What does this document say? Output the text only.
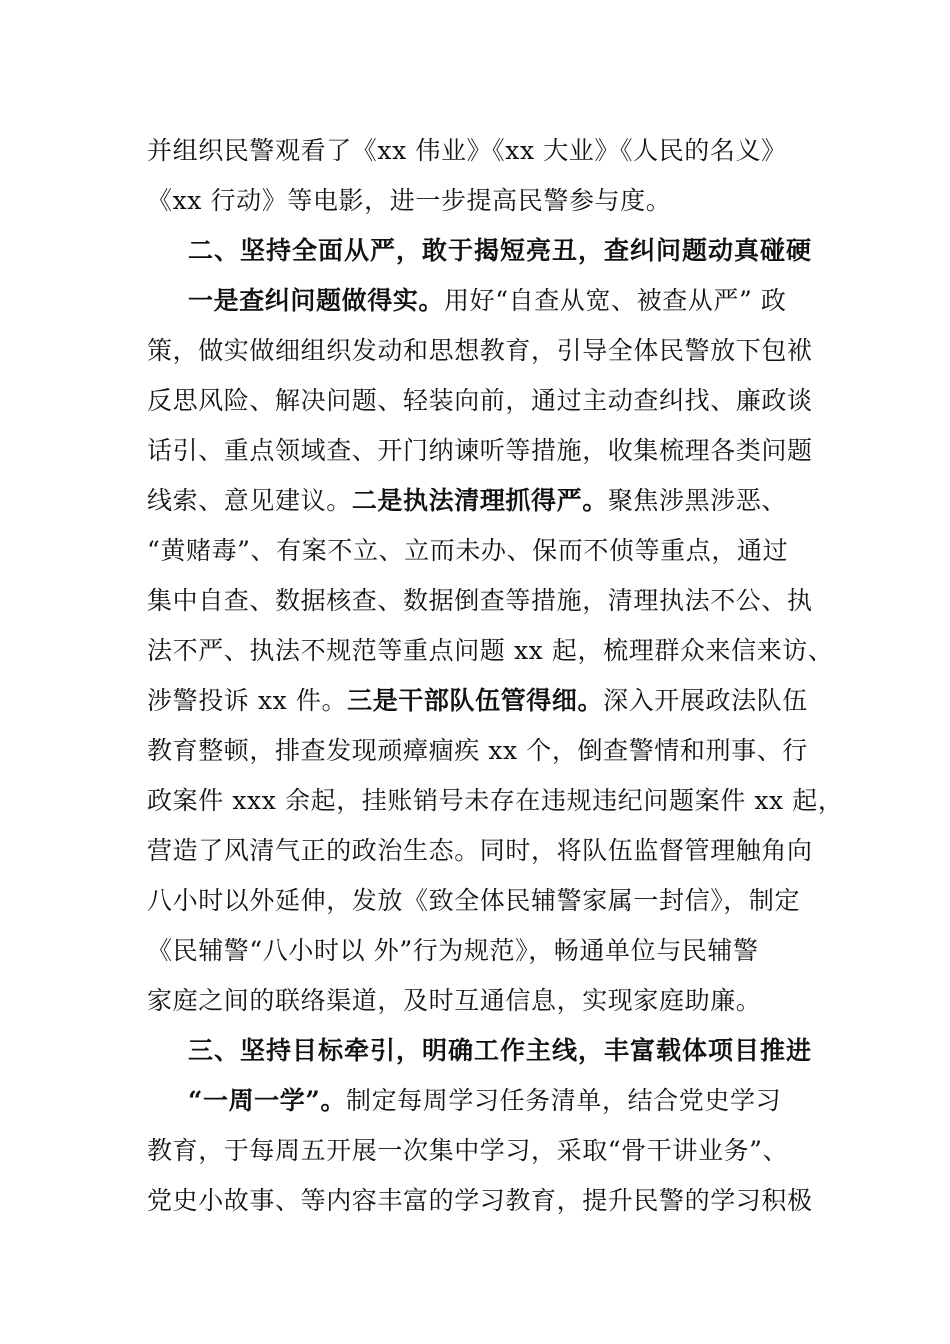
并组织民警观看了《xx 伟业》《xx 大业》《人民的名义》
《xx 行动》等电影，进一步提高民警参与度。
二、坚持全面从严，敢于揭短亮丑，查纠问题动真碰硬
一是查纠问题做得实。用好“自查从宽、被查从严” 政
策，做实做细组织发动和思想教育，引导全体民警放下包袱
反思风险、解决问题、轻装向前，通过主动查纠找、廉政谈
话引、重点领域查、开门纳谏听等措施，收集梳理各类问题
线索、意见建议。二是执法清理抓得严。聚焦涉黑涉恶、
“黄赌毒”、有案不立、立而未办、保而不侦等重点，通过
集中自查、数据核查、数据倒查等措施，清理执法不公、执
法不严、执法不规范等重点问题 xx 起，梳理群众来信来访、
涉警投诉 xx 件。三是干部队伍管得细。深入开展政法队伍
教育整顿，排查发现顽瘴痼疾 xx 个，倒查警情和刑事、行
政案件 xxx 余起，挂账销号未存在违规违纪问题案件 xx 起，
营造了风清气正的政治生态。同时，将队伍监督管理触角向
八小时以外延伸，发放《致全体民辅警家属一封信》，制定
《民辅警“八小时以 外”行为规范》，畅通单位与民辅警
家庭之间的联络渠道，及时互通信息，实现家庭助廉。
三、坚持目标牵引，明确工作主线，丰富载体项目推进
“一周一学”。制定每周学习任务清单，结合党史学习
教育，于每周五开展一次集中学习，采取“骨干讲业务”、
党史小故事、等内容丰富的学习教育，提升民警的学习积极
